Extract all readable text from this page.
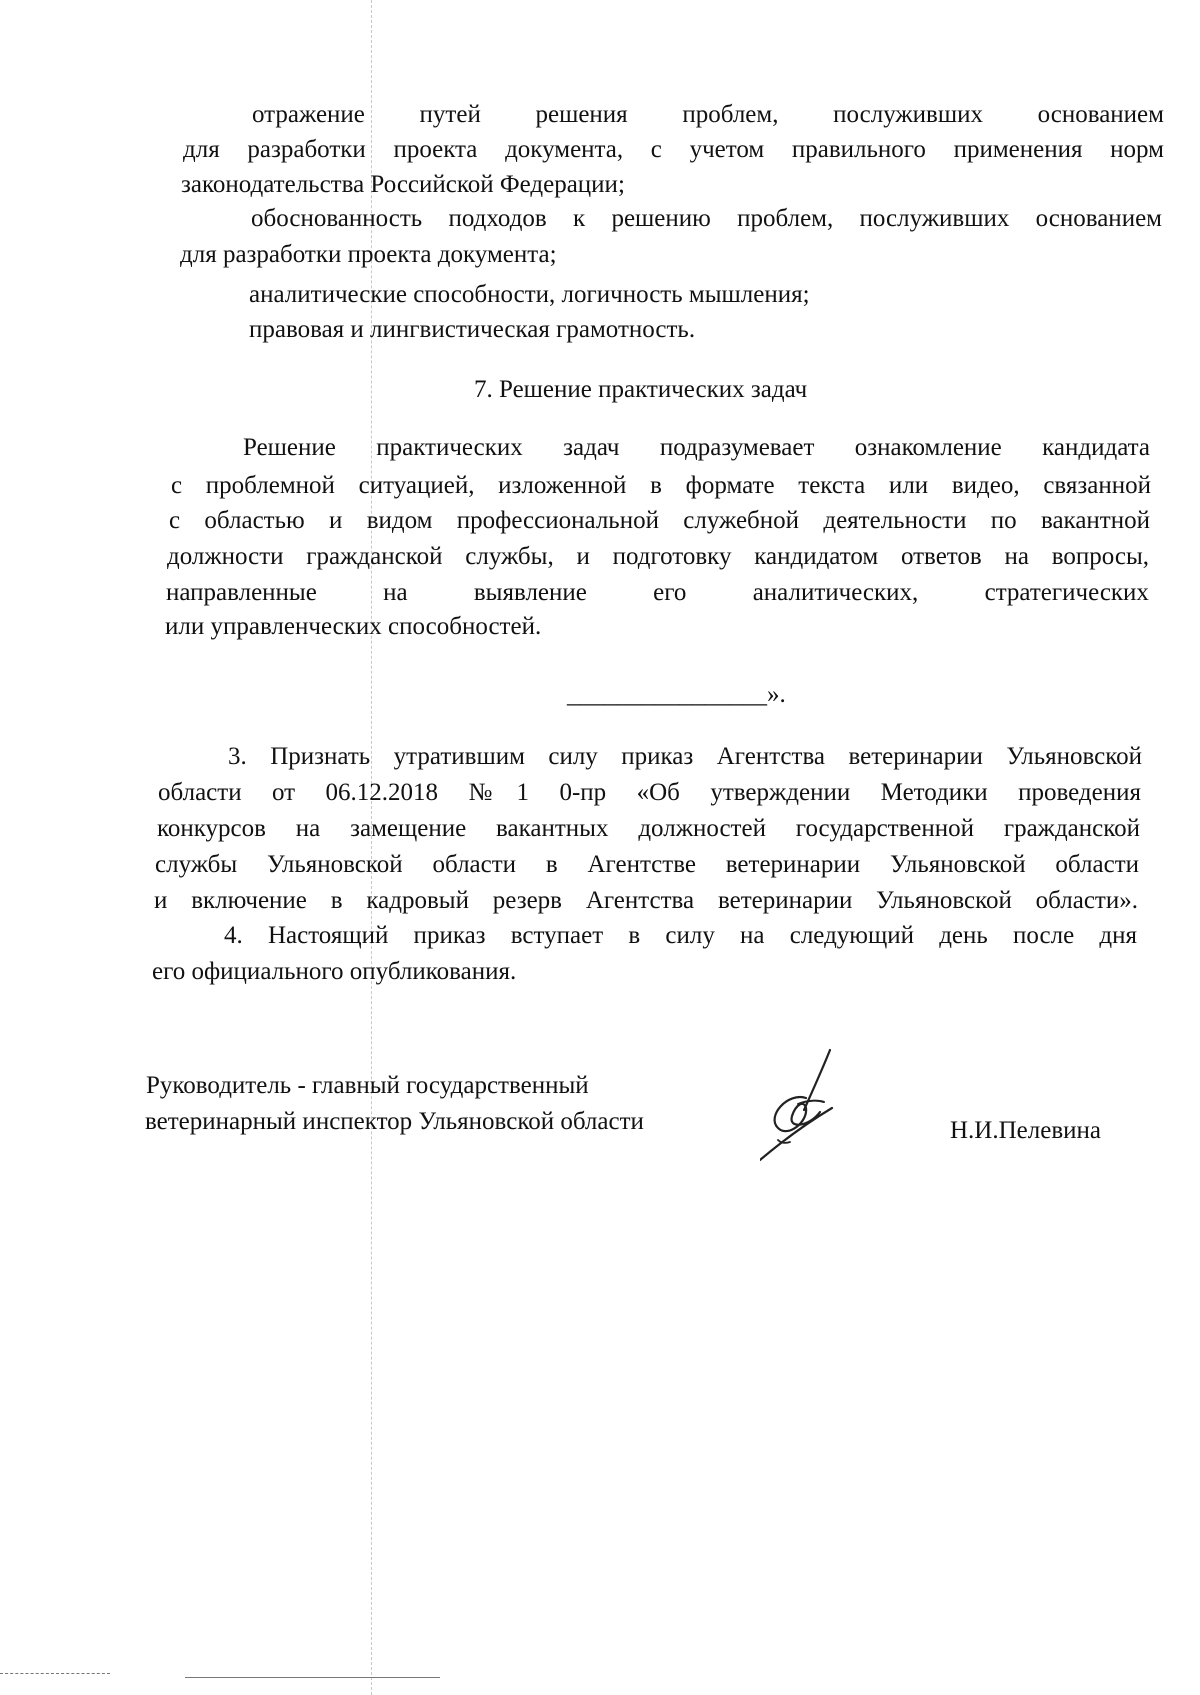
отражение путей решения проблем, послуживших основанием
для разработки проекта документа, с учетом правильного применения норм
законодательства Российской Федерации;
обоснованность подходов к решению проблем, послуживших основанием
для разработки проекта документа;
аналитические способности, логичность мышления;
правовая и лингвистическая грамотность.
7. Решение практических задач
Решение практических задач подразумевает ознакомление кандидата
с проблемной ситуацией, изложенной в формате текста или видео, связанной
с областью и видом профессиональной служебной деятельности по вакантной
должности гражданской службы, и подготовку кандидатом ответов на вопросы,
направленные	на	выявление	его	аналитических,	стратегических
или управленческих способностей.
________________».
3. Признать утратившим силу приказ Агентства ветеринарии Ульяновской
области от 06.12.2018 №1 0-пр «Об утверждении Методики проведения
конкурсов на замещение вакантных должностей государственной гражданской
службы Ульяновской области в Агентстве ветеринарии Ульяновской области
и включение в кадровый резерв Агентства ветеринарии Ульяновской области».
4. Настоящий приказ вступает в силу на следующий день после дня
его официального опубликования.
Руководитель - главный государственный
ветеринарный инспектор Ульяновской области	Н.И.Пелевина
